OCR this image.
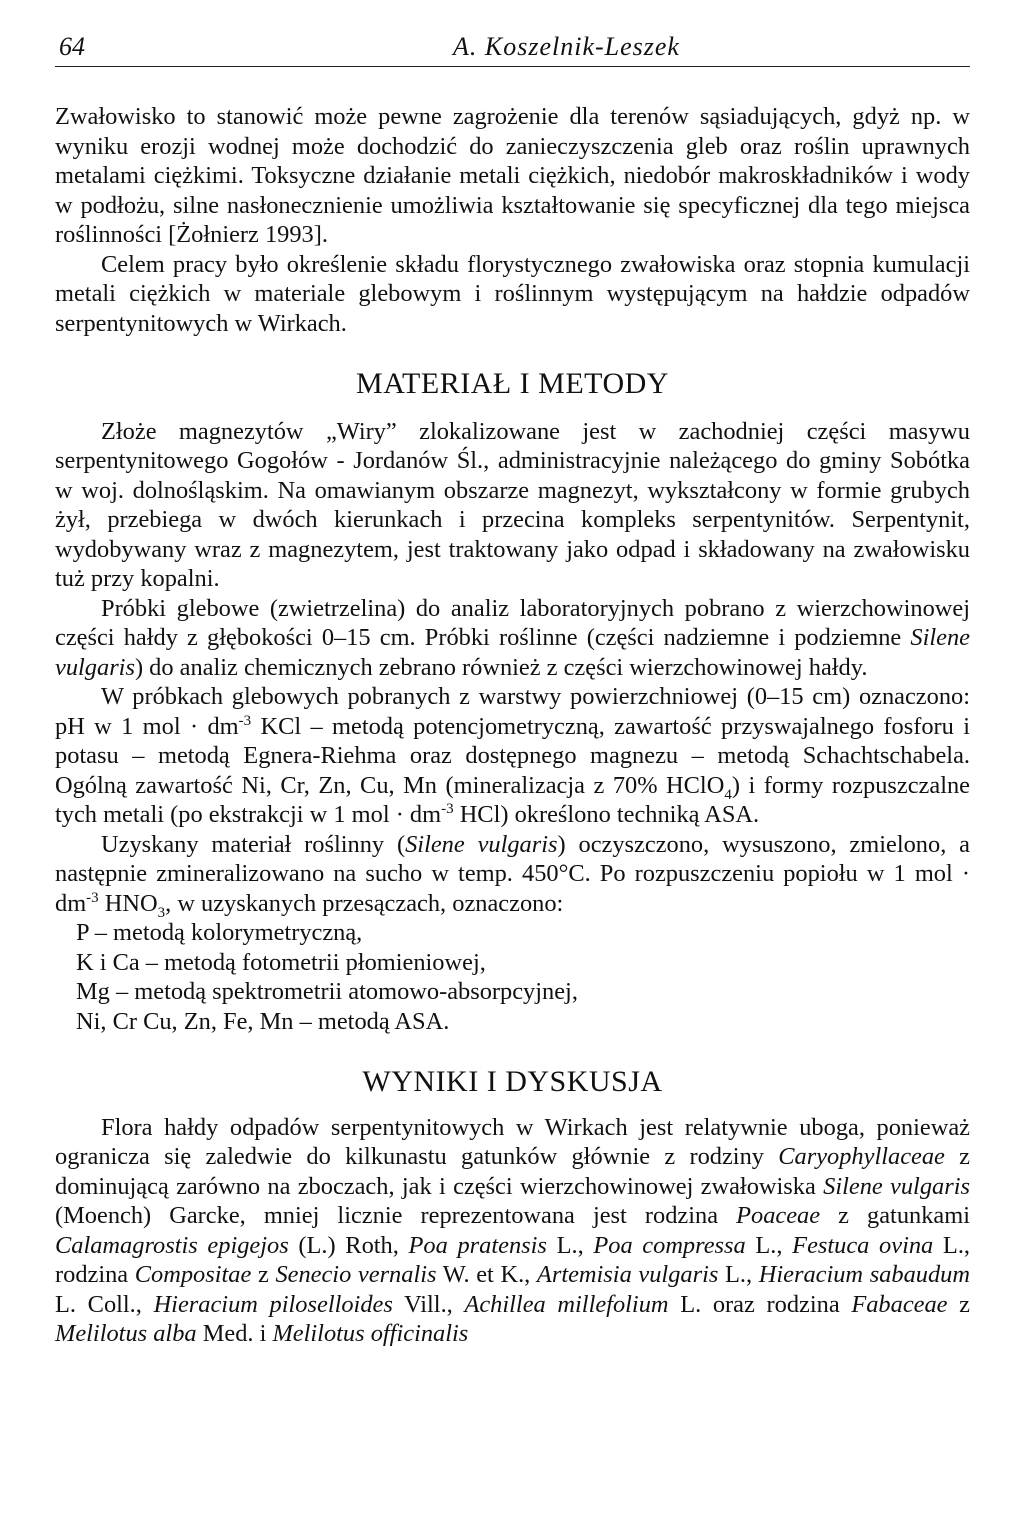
64	A. Koszelnik-Leszek

Zwałowisko to stanowić może pewne zagrożenie dla terenów sąsiadujących, gdyż np. w wyniku erozji wodnej może dochodzić do zanieczyszczenia gleb oraz roślin uprawnych metalami ciężkimi. Toksyczne działanie metali ciężkich, niedobór makroskładników i wody w podłożu, silne nasłonecznienie umożliwia kształtowanie się specyficznej dla tego miejsca roślinności [Żołnierz 1993].

Celem pracy było określenie składu florystycznego zwałowiska oraz stopnia kumulacji metali ciężkich w materiale glebowym i roślinnym występującym na hałdzie odpadów serpentynitowych w Wirkach.

MATERIAŁ I METODY

Złoże magnezytów „Wiry” zlokalizowane jest w zachodniej części masywu serpentynitowego Gogołów - Jordanów Śl., administracyjnie należącego do gminy Sobótka w woj. dolnośląskim. Na omawianym obszarze magnezyt, wykształcony w formie grubych żył, przebiega w dwóch kierunkach i przecina kompleks serpentynitów. Serpentynit, wydobywany wraz z magnezytem, jest traktowany jako odpad i składowany na zwałowisku tuż przy kopalni.

Próbki glebowe (zwietrzelina) do analiz laboratoryjnych pobrano z wierzchowinowej części hałdy z głębokości 0–15 cm. Próbki roślinne (części nadziemne i podziemne Silene vulgaris) do analiz chemicznych zebrano również z części wierzchowinowej hałdy.

W próbkach glebowych pobranych z warstwy powierzchniowej (0–15 cm) oznaczono: pH w 1 mol · $dm^{-3}$ KCl – metodą potencjometryczną, zawartość przyswajalnego fosforu i potasu – metodą Egnera-Riehma oraz dostępnego magnezu – metodą Schachtschabela. Ogólną zawartość Ni, Cr, Zn, Cu, Mn (mineralizacja z 70% HClO$_4$) i formy rozpuszczalne tych metali (po ekstrakcji w 1 mol · $dm^{-3}$ HCl) określono techniką ASA.

Uzyskany materiał roślinny (Silene vulgaris) oczyszczono, wysuszono, zmielono, a następnie zmineralizowano na sucho w temp. 450°C. Po rozpuszczeniu popiołu w 1 mol · $dm^{-3}$ $HNO_3$, w uzyskanych przesączach, oznaczono:

P – metodą kolorymetryczną,
K i Ca – metodą fotometrii płomieniowej,
Mg – metodą spektrometrii atomowo-absorpcyjnej,
Ni, Cr Cu, Zn, Fe, Mn – metodą ASA.
WYNIKI I DYSKUSJA

Flora hałdy odpadów serpentynitowych w Wirkach jest relatywnie uboga, ponieważ ogranicza się zaledwie do kilkunastu gatunków głównie z rodziny Caryophyllaceae z dominującą zarówno na zboczach, jak i części wierzchowinowej zwałowiska Silene vulgaris (Moench) Garcke, mniej licznie reprezentowana jest rodzina Poaceae z gatunkami Calamagrostis epigejos (L.) Roth, Poa pratensis L., Poa compressa L., Festuca ovina L., rodzina Compositae z Senecio vernalis W. et K., Artemisia vulgaris L., Hieracium sabaudum L. Coll., Hieracium piloselloides Vill., Achillea millefolium L. oraz rodzina Fabaceae z Melilotus alba Med. i Melilotus officinalis
